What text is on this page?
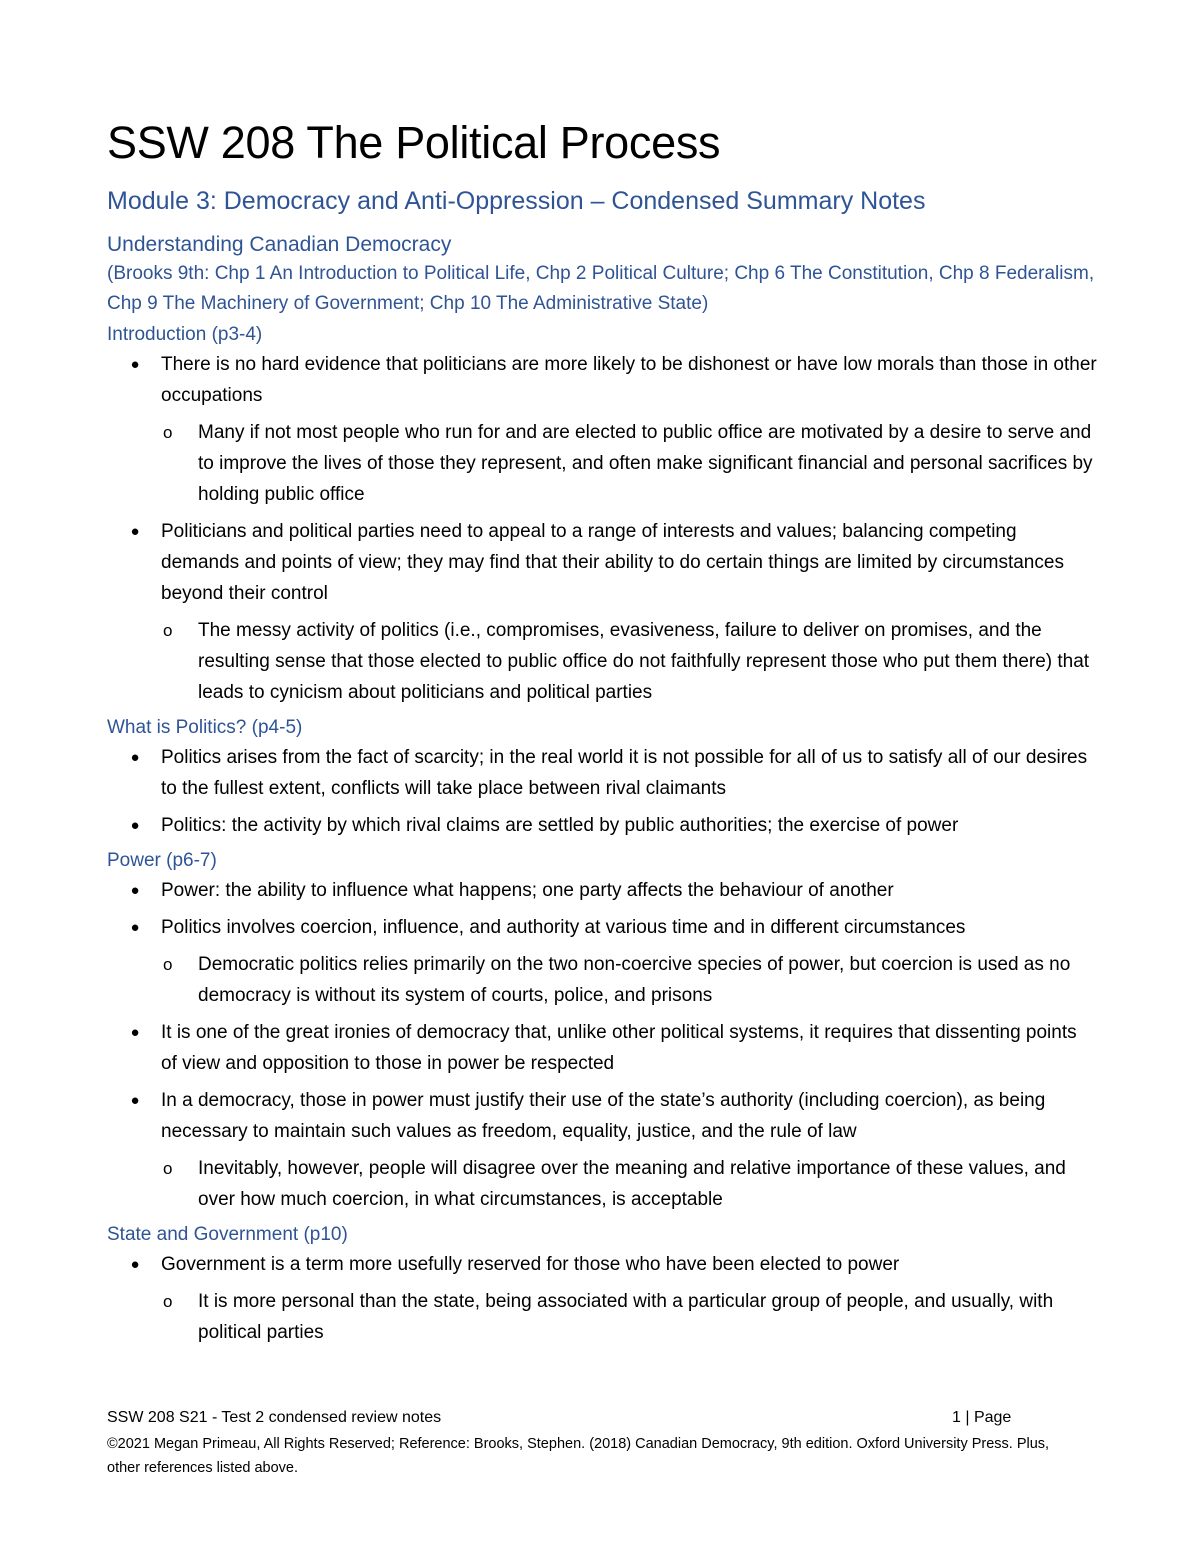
SSW 208 The Political Process
Module 3: Democracy and Anti-Oppression – Condensed Summary Notes
Understanding Canadian Democracy
(Brooks 9th: Chp 1 An Introduction to Political Life, Chp 2 Political Culture; Chp 6 The Constitution, Chp 8 Federalism, Chp 9 The Machinery of Government; Chp 10 The Administrative State)
Introduction (p3-4)
● There is no hard evidence that politicians are more likely to be dishonest or have low morals than those in other occupations
o Many if not most people who run for and are elected to public office are motivated by a desire to serve and to improve the lives of those they represent, and often make significant financial and personal sacrifices by holding public office
● Politicians and political parties need to appeal to a range of interests and values; balancing competing demands and points of view; they may find that their ability to do certain things are limited by circumstances beyond their control
o The messy activity of politics (i.e., compromises, evasiveness, failure to deliver on promises, and the resulting sense that those elected to public office do not faithfully represent those who put them there) that leads to cynicism about politicians and political parties
What is Politics? (p4-5)
● Politics arises from the fact of scarcity; in the real world it is not possible for all of us to satisfy all of our desires to the fullest extent, conflicts will take place between rival claimants
● Politics: the activity by which rival claims are settled by public authorities; the exercise of power
Power (p6-7)
● Power: the ability to influence what happens; one party affects the behaviour of another
● Politics involves coercion, influence, and authority at various time and in different circumstances
o Democratic politics relies primarily on the two non-coercive species of power, but coercion is used as no democracy is without its system of courts, police, and prisons
● It is one of the great ironies of democracy that, unlike other political systems, it requires that dissenting points of view and opposition to those in power be respected
● In a democracy, those in power must justify their use of the state’s authority (including coercion), as being necessary to maintain such values as freedom, equality, justice, and the rule of law
o Inevitably, however, people will disagree over the meaning and relative importance of these values, and over how much coercion, in what circumstances, is acceptable
State and Government (p10)
● Government is a term more usefully reserved for those who have been elected to power
o It is more personal than the state, being associated with a particular group of people, and usually, with political parties
SSW 208 S21 - Test 2 condensed review notes	1 | Page
©2021 Megan Primeau, All Rights Reserved; Reference: Brooks, Stephen. (2018) Canadian Democracy, 9th edition. Oxford University Press. Plus, other references listed above.
